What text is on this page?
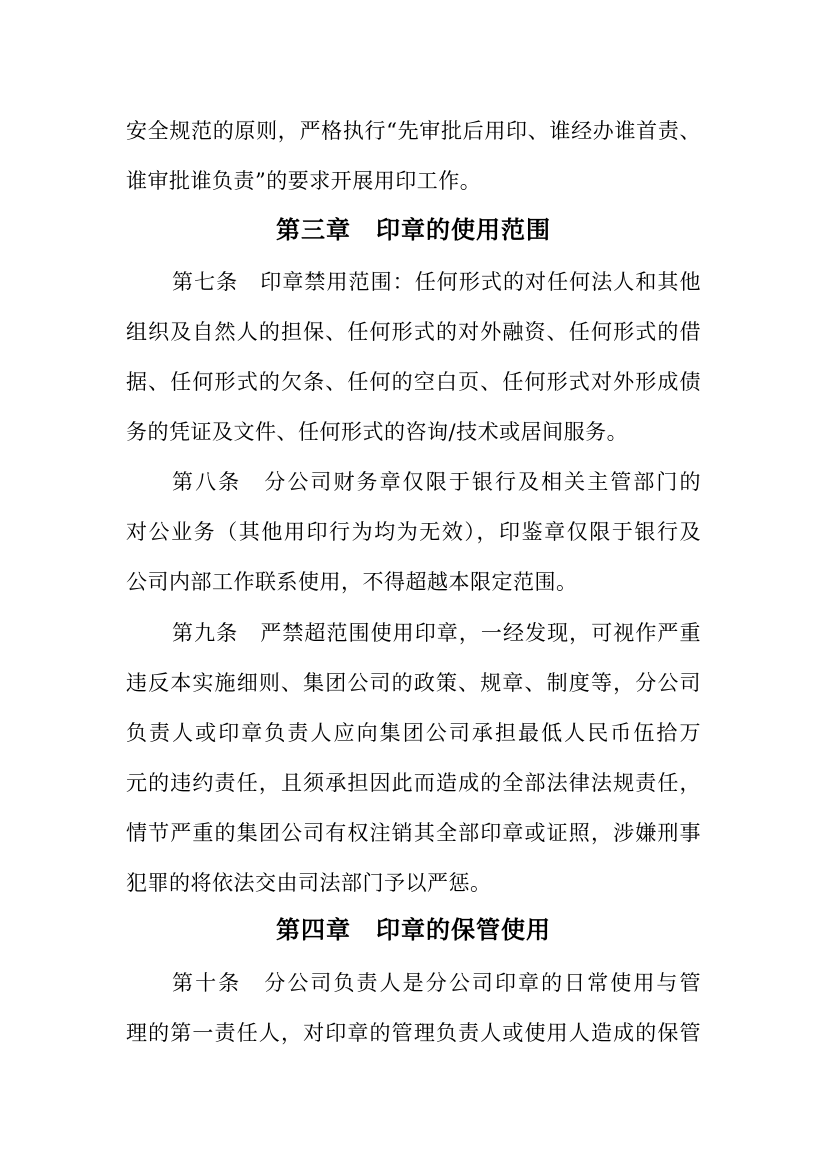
安全规范的原则，严格执行“先审批后用印、谁经办谁首责、
谁审批谁负责”的要求开展用印工作。
第三章　印章的使用范围
第七条　印章禁用范围：任何形式的对任何法人和其他
组织及自然人的担保、任何形式的对外融资、任何形式的借
据、任何形式的欠条、任何的空白页、任何形式对外形成债
务的凭证及文件、任何形式的咨询/技术或居间服务。
第八条　分公司财务章仅限于银行及相关主管部门的
对公业务（其他用印行为均为无效），印鉴章仅限于银行及
公司内部工作联系使用，不得超越本限定范围。
第九条　严禁超范围使用印章，一经发现，可视作严重
违反本实施细则、集团公司的政策、规章、制度等，分公司
负责人或印章负责人应向集团公司承担最低人民币伍拾万
元的违约责任，且须承担因此而造成的全部法律法规责任，
情节严重的集团公司有权注销其全部印章或证照，涉嫌刑事
犯罪的将依法交由司法部门予以严惩。
第四章　印章的保管使用
第十条　分公司负责人是分公司印章的日常使用与管
理的第一责任人，对印章的管理负责人或使用人造成的保管
